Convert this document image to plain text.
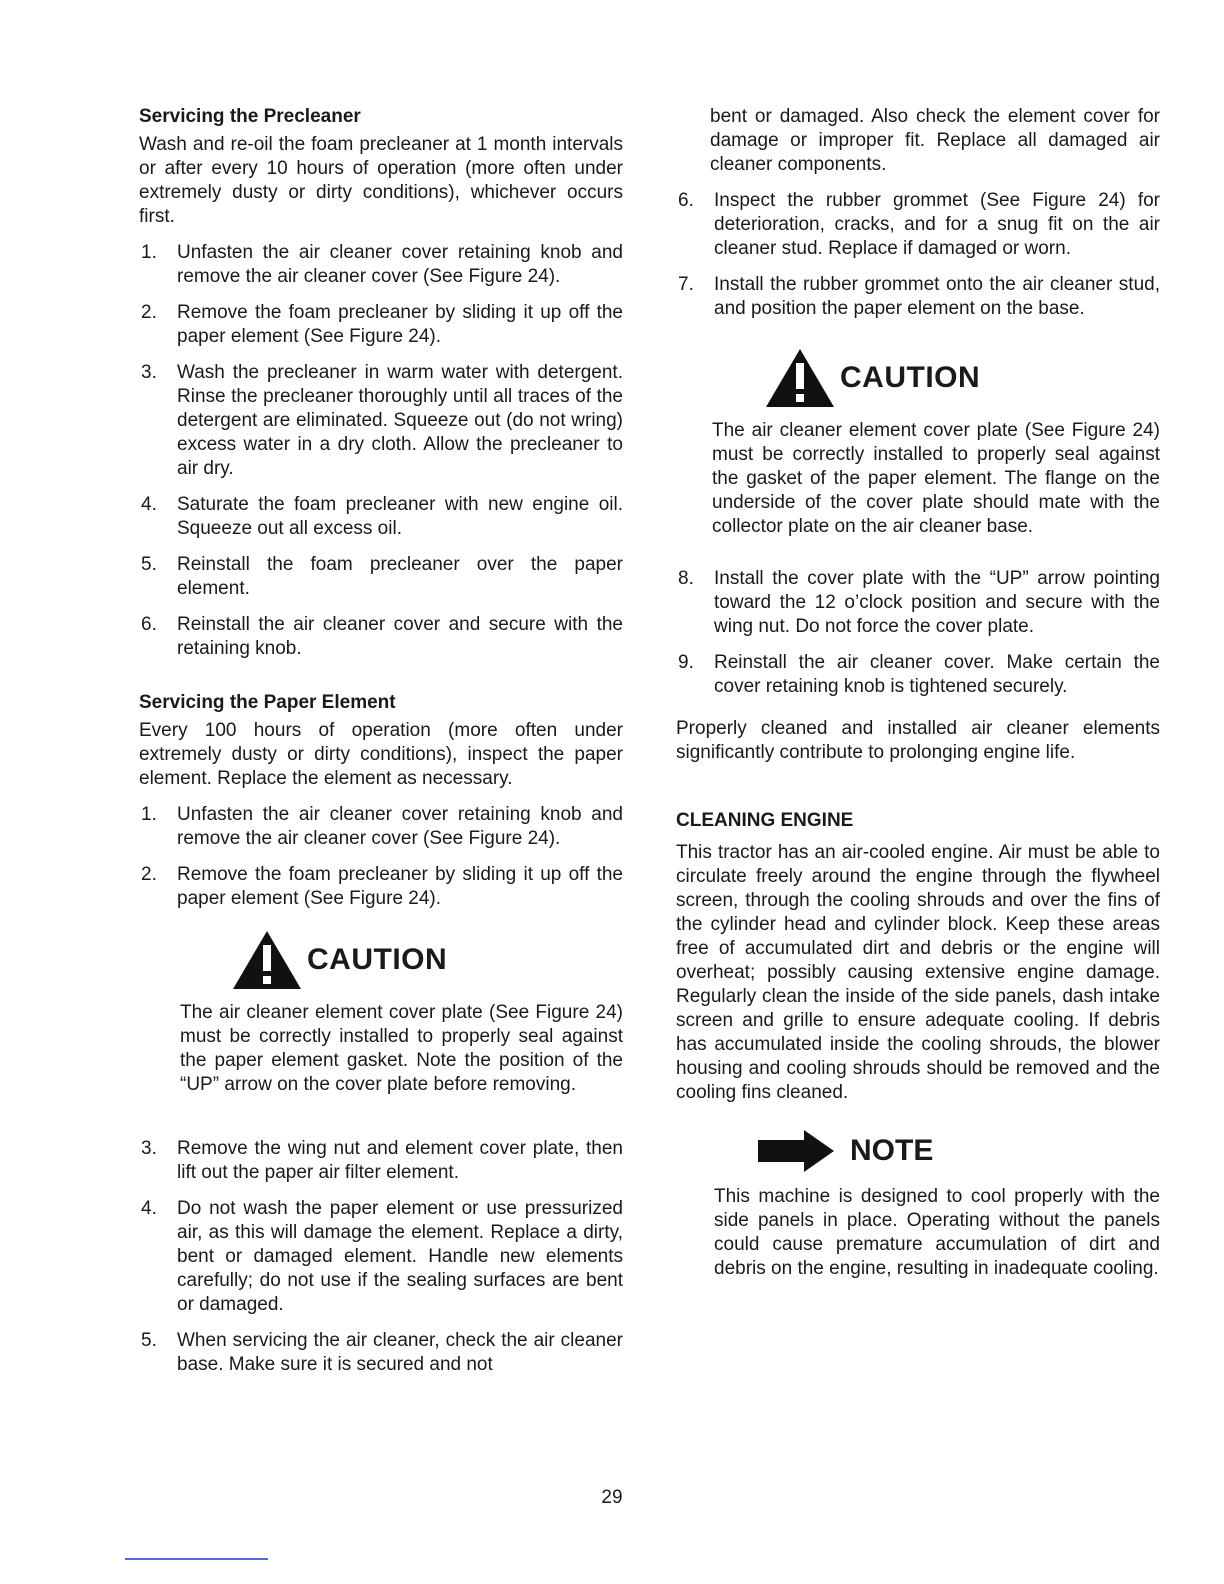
Servicing the Precleaner

Wash and re-oil the foam precleaner at 1 month intervals or after every 10 hours of operation (more often under extremely dusty or dirty conditions), whichever occurs first.

1. Unfasten the air cleaner cover retaining knob and remove the air cleaner cover (See Figure 24).
2. Remove the foam precleaner by sliding it up off the paper element (See Figure 24).
3. Wash the precleaner in warm water with detergent. Rinse the precleaner thoroughly until all traces of the detergent are eliminated. Squeeze out (do not wring) excess water in a dry cloth. Allow the precleaner to air dry.
4. Saturate the foam precleaner with new engine oil. Squeeze out all excess oil.
5. Reinstall the foam precleaner over the paper element.
6. Reinstall the air cleaner cover and secure with the retaining knob.
Servicing the Paper Element

Every 100 hours of operation (more often under extremely dusty or dirty conditions), inspect the paper element. Replace the element as necessary.

1. Unfasten the air cleaner cover retaining knob and remove the air cleaner cover (See Figure 24).
2. Remove the foam precleaner by sliding it up off the paper element (See Figure 24).
CAUTION
The air cleaner element cover plate (See Figure 24) must be correctly installed to properly seal against the paper element gasket. Note the position of the “UP” arrow on the cover plate before removing.
3. Remove the wing nut and element cover plate, then lift out the paper air filter element.
4. Do not wash the paper element or use pressurized air, as this will damage the element. Replace a dirty, bent or damaged element. Handle new elements carefully; do not use if the sealing surfaces are bent or damaged.
5. When servicing the air cleaner, check the air cleaner base. Make sure it is secured and not

bent or damaged. Also check the element cover for damage or improper fit. Replace all damaged air cleaner components.

6. Inspect the rubber grommet (See Figure 24) for deterioration, cracks, and for a snug fit on the air cleaner stud. Replace if damaged or worn.
7. Install the rubber grommet onto the air cleaner stud, and position the paper element on the base.
CAUTION
The air cleaner element cover plate (See Figure 24) must be correctly installed to properly seal against the gasket of the paper element. The flange on the underside of the cover plate should mate with the collector plate on the air cleaner base.
8. Install the cover plate with the “UP” arrow pointing toward the 12 o’clock position and secure with the wing nut. Do not force the cover plate.
9. Reinstall the air cleaner cover. Make certain the cover retaining knob is tightened securely.

Properly cleaned and installed air cleaner elements significantly contribute to prolonging engine life.

CLEANING ENGINE

This tractor has an air-cooled engine. Air must be able to circulate freely around the engine through the flywheel screen, through the cooling shrouds and over the fins of the cylinder head and cylinder block. Keep these areas free of accumulated dirt and debris or the engine will overheat; possibly causing extensive engine damage. Regularly clean the inside of the side panels, dash intake screen and grille to ensure adequate cooling. If debris has accumulated inside the cooling shrouds, the blower housing and cooling shrouds should be removed and the cooling fins cleaned.

NOTE
This machine is designed to cool properly with the side panels in place. Operating without the panels could cause premature accumulation of dirt and debris on the engine, resulting in inadequate cooling.
29
